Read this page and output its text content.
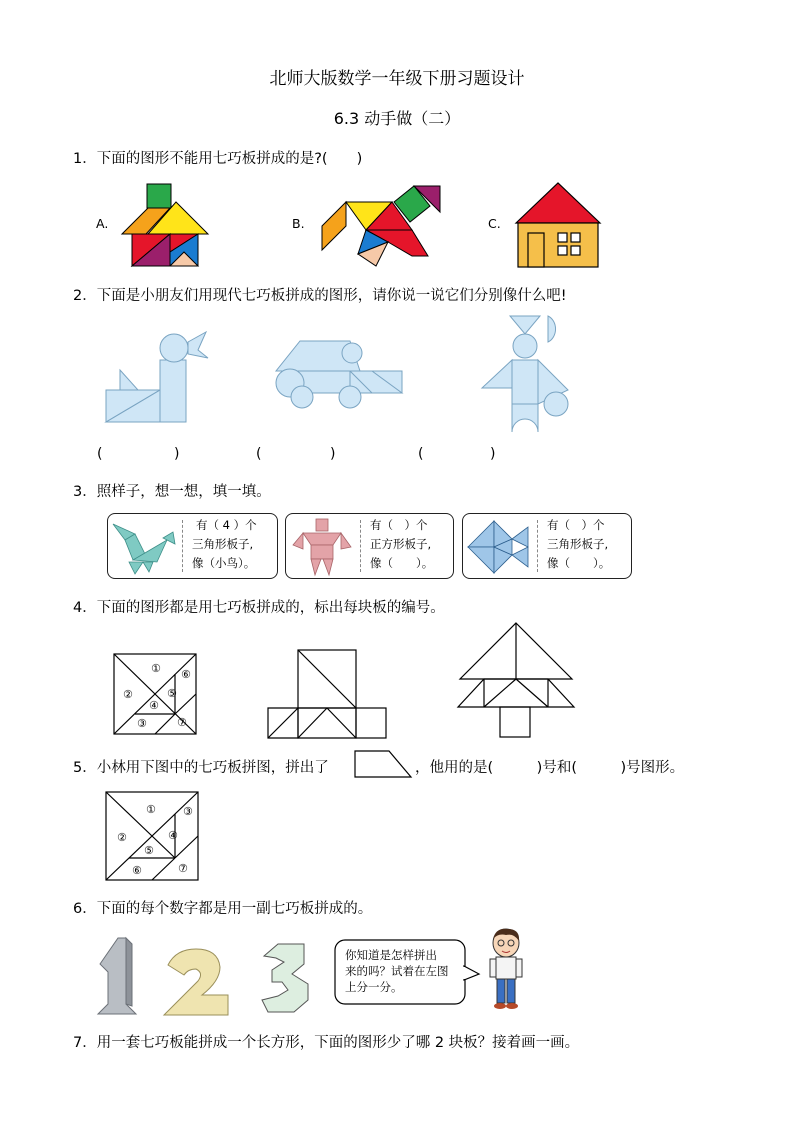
北师大版数学一年级下册习题设计
6.3 动手做（二）
1．下面的图形不能用七巧板拼成的是?(　　)
A.	B.	C.
2．下面是小朋友们用现代七巧板拼成的图形，请你说一说它们分别像什么吧!
(	)	(	)	(	)
3．照样子，想一想，填一填。
有（ 4 ）个
三角形板子,
像（小鸟）。
有（　）个
正方形板子,
像（　　）。
有（　）个
三角形板子,
像（　　）。
4．下面的图形都是用七巧板拼成的，标出每块板的编号。
① ⑥
②	⑤
④
③	⑦
5．小林用下图中的七巧板拼图，拼出了	，他用的是(　　　)号和(　　　)号图形。
① ③
②	④
⑤
⑥	⑦
6．下面的每个数字都是用一副七巧板拼成的。
你知道是怎样拼出
来的吗？试着在左图
上分一分。
7．用一套七巧板能拼成一个长方形，下面的图形少了哪 2 块板？接着画一画。
